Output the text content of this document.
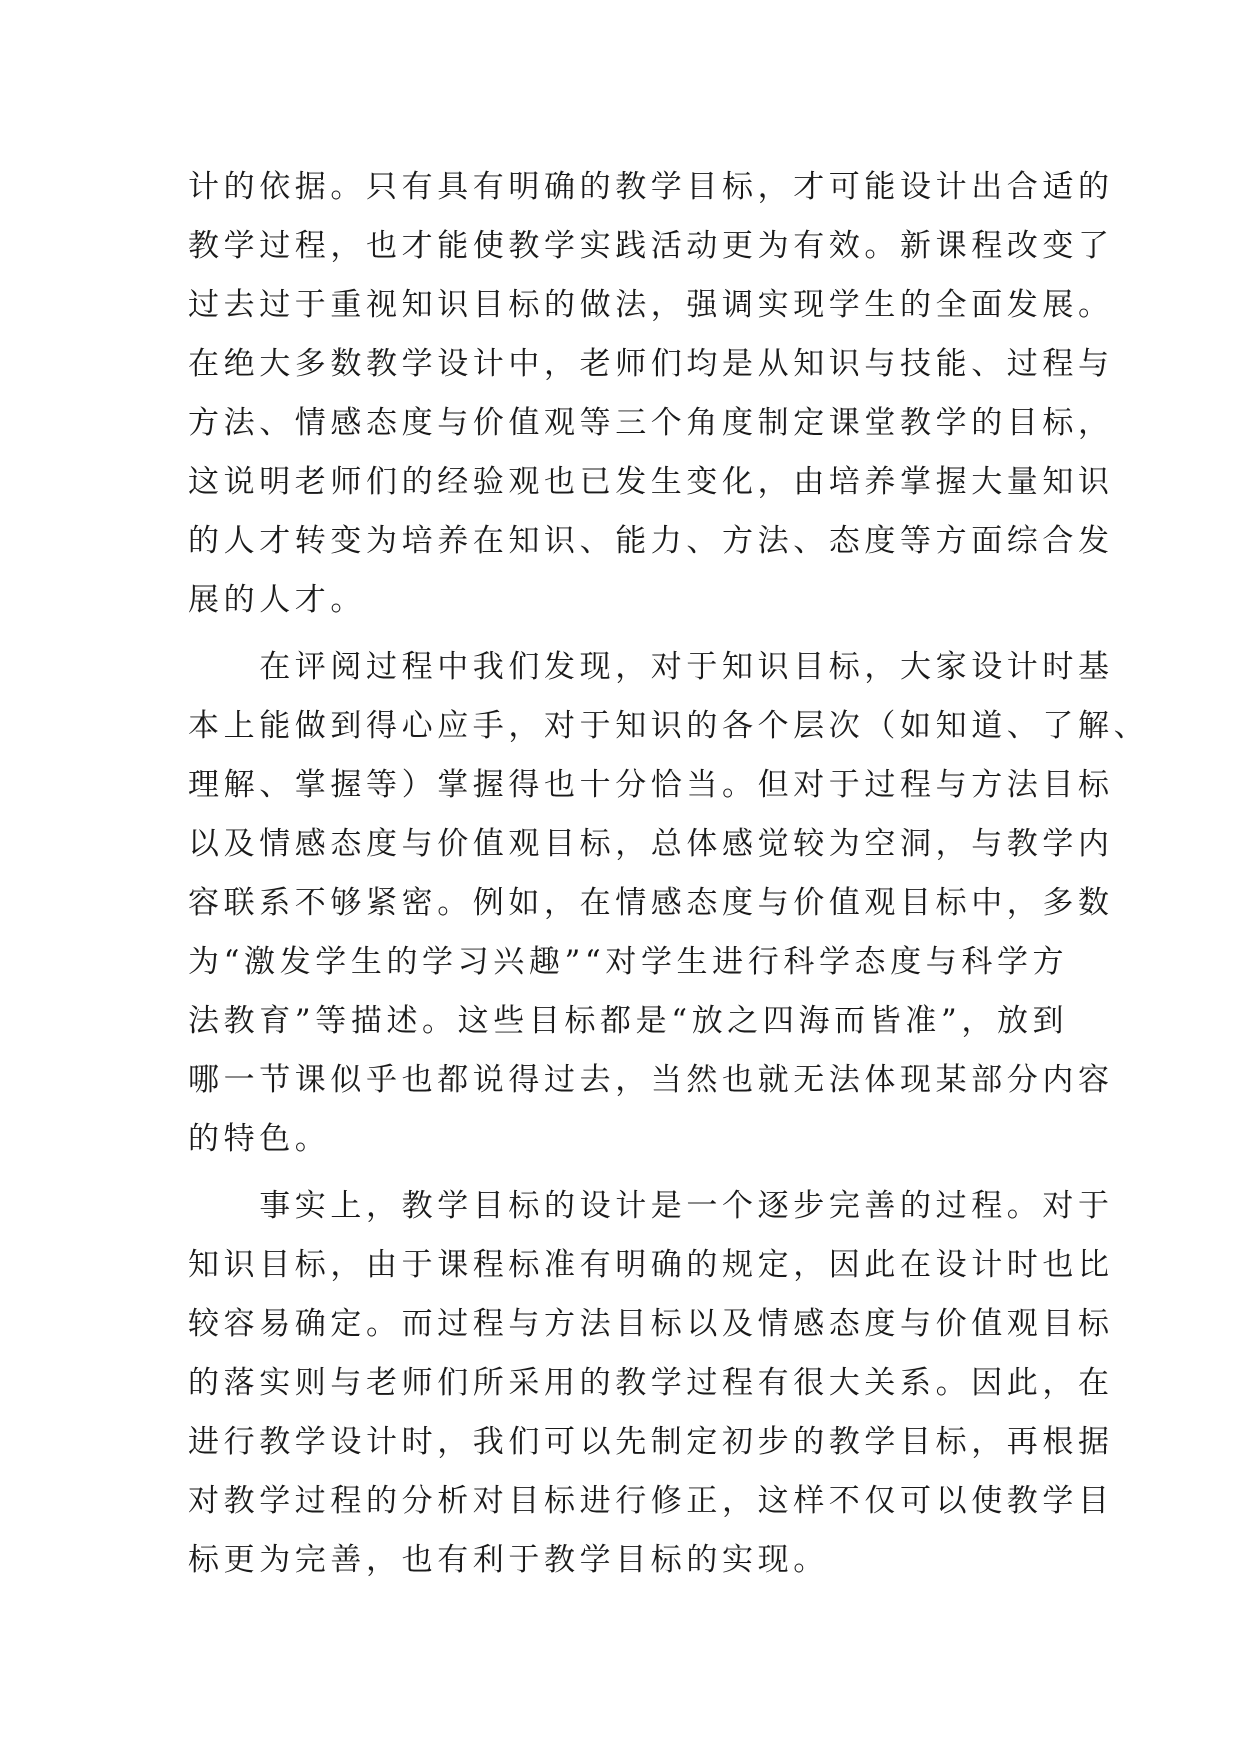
计的依据。只有具有明确的教学目标，才可能设计出合适的
教学过程，也才能使教学实践活动更为有效。新课程改变了
过去过于重视知识目标的做法，强调实现学生的全面发展。
在绝大多数教学设计中，老师们均是从知识与技能、过程与
方法、情感态度与价值观等三个角度制定课堂教学的目标，
这说明老师们的经验观也已发生变化，由培养掌握大量知识
的人才转变为培养在知识、能力、方法、态度等方面综合发
展的人才。
　　在评阅过程中我们发现，对于知识目标，大家设计时基
本上能做到得心应手，对于知识的各个层次（如知道、了解、
理解、掌握等）掌握得也十分恰当。但对于过程与方法目标
以及情感态度与价值观目标，总体感觉较为空洞，与教学内
容联系不够紧密。例如，在情感态度与价值观目标中，多数
为“激发学生的学习兴趣”“对学生进行科学态度与科学方
法教育”等描述。这些目标都是“放之四海而皆准”，放到
哪一节课似乎也都说得过去，当然也就无法体现某部分内容
的特色。
　　事实上，教学目标的设计是一个逐步完善的过程。对于
知识目标，由于课程标准有明确的规定，因此在设计时也比
较容易确定。而过程与方法目标以及情感态度与价值观目标
的落实则与老师们所采用的教学过程有很大关系。因此，在
进行教学设计时，我们可以先制定初步的教学目标，再根据
对教学过程的分析对目标进行修正，这样不仅可以使教学目
标更为完善，也有利于教学目标的实现。
